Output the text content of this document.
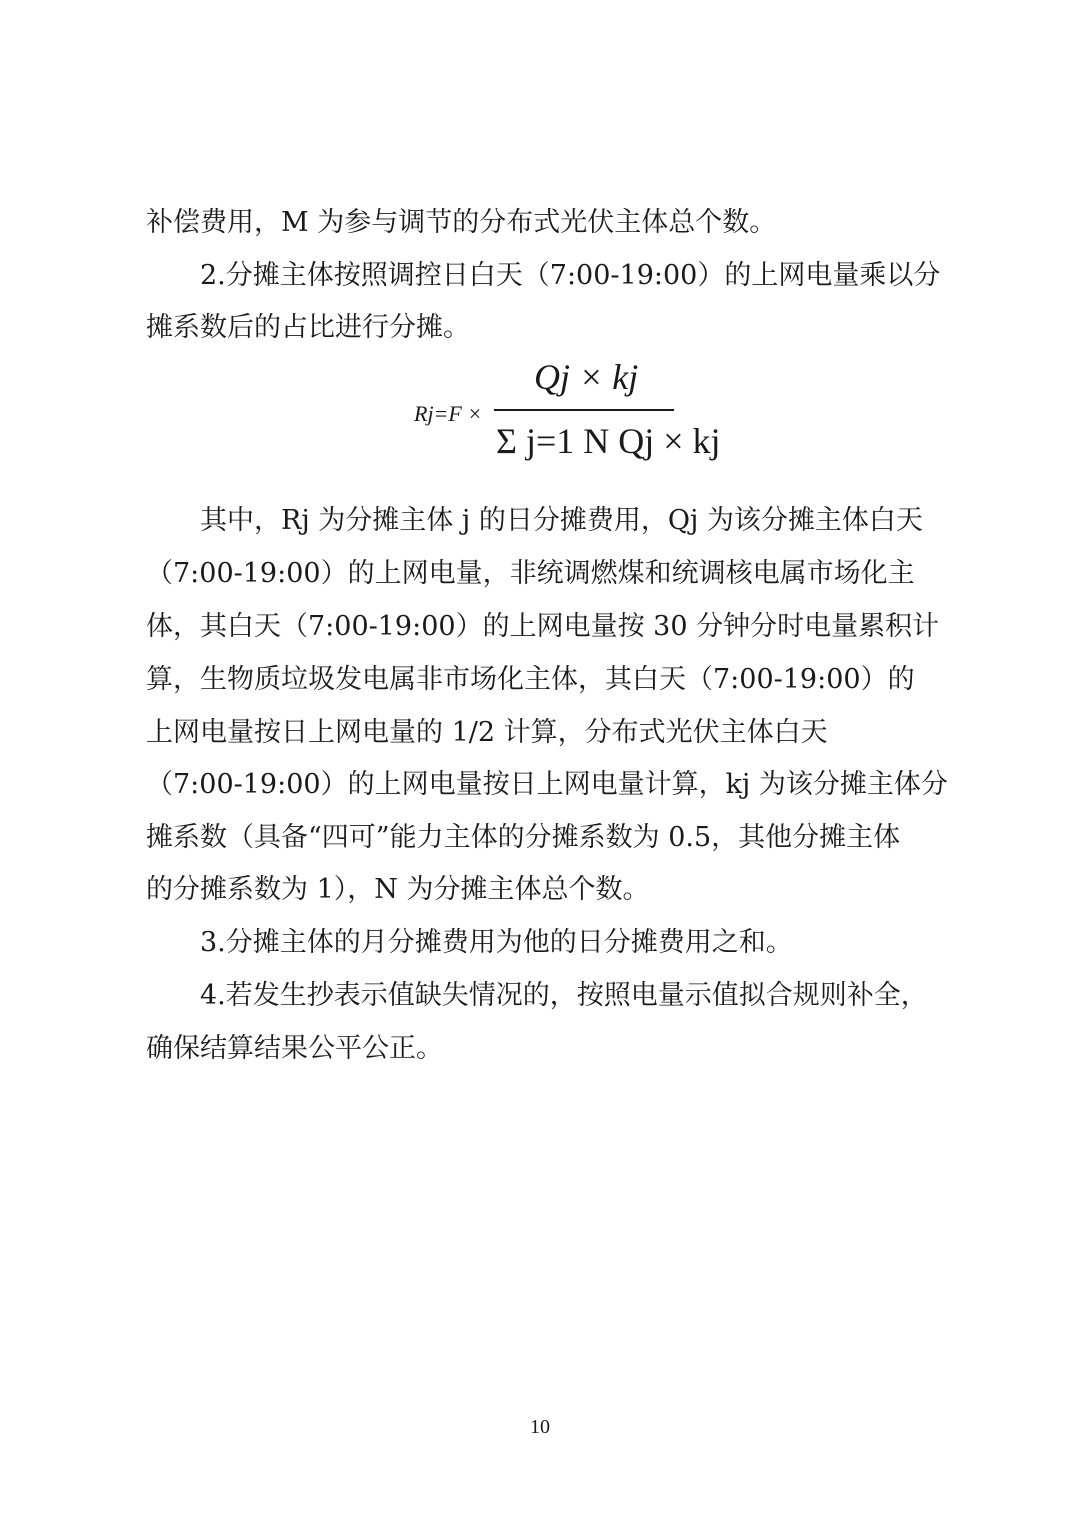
补偿费用，M 为参与调节的分布式光伏主体总个数。
2.分摊主体按照调控日白天（7:00-19:00）的上网电量乘以分
摊系数后的占比进行分摊。
Rj=F ×
Qj × kj
Σ j=1 N Qj × kj
其中，Rj 为分摊主体 j 的日分摊费用，Qj 为该分摊主体白天
（7:00-19:00）的上网电量，非统调燃煤和统调核电属市场化主
体，其白天（7:00-19:00）的上网电量按 30 分钟分时电量累积计
算，生物质垃圾发电属非市场化主体，其白天（7:00-19:00）的
上网电量按日上网电量的 1/2 计算，分布式光伏主体白天
（7:00-19:00）的上网电量按日上网电量计算，kj 为该分摊主体分
摊系数（具备“四可”能力主体的分摊系数为 0.5，其他分摊主体
的分摊系数为 1），N 为分摊主体总个数。
3.分摊主体的月分摊费用为他的日分摊费用之和。
4.若发生抄表示值缺失情况的，按照电量示值拟合规则补全，
确保结算结果公平公正。
10
